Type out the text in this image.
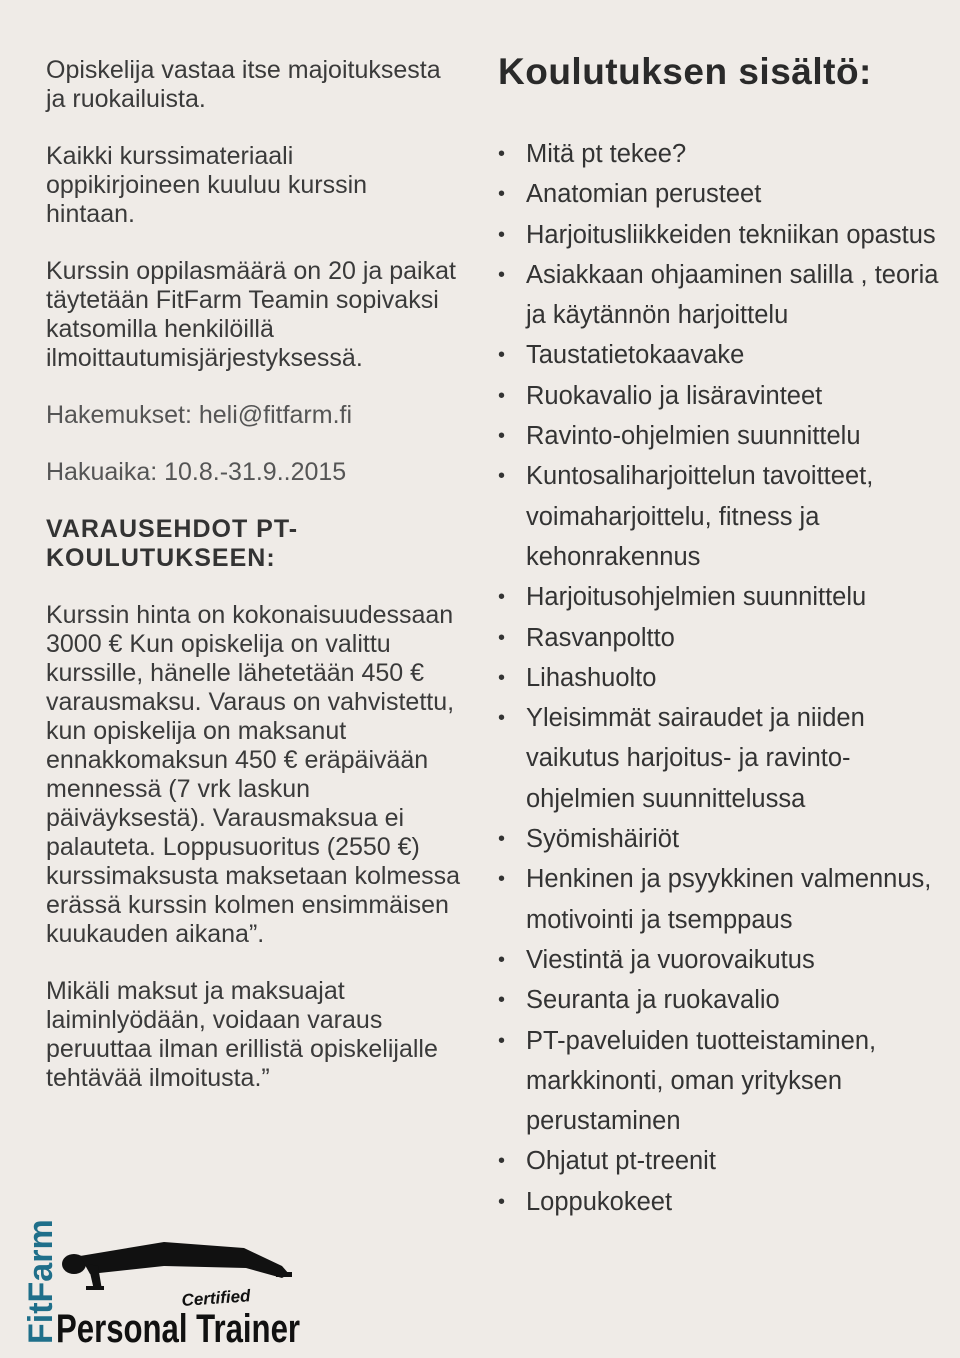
Opiskelija vastaa itse majoituksesta ja ruokailuista.

Kaikki kurssimateriaali oppikirjoineen kuuluu kurssin hintaan.

Kurssin oppilasmäärä on 20 ja paikat täytetään FitFarm Teamin sopivaksi katsomilla henkilöillä ilmoittautumisjärjestyksessä.

Hakemukset: heli@fitfarm.fi

Hakuaika: 10.8.-31.9..2015

VARAUSEHDOT PT-KOULUTUKSEEN:

Kurssin hinta on kokonaisuudessaan 3000 € Kun opiskelija on valittu kurssille, hänelle lähetetään 450 € varausmaksu. Varaus on vahvistettu, kun opiskelija on maksanut ennakkomaksun 450 € eräpäivään mennessä (7 vrk laskun päiväyksestä). Varausmaksua ei palauteta. Loppusuoritus (2550 €) kurssimaksusta maksetaan kolmessa erässä kurssin kolmen ensimmäisen kuukauden aikana”.

Mikäli maksut ja maksuajat laiminlyödään, voidaan varaus peruuttaa ilman erillistä opiskelijalle tehtävää ilmoitusta.”

Koulutuksen sisältö:
• Mitä pt tekee?
• Anatomian perusteet
• Harjoitusliikkeiden tekniikan opastus
• Asiakkaan ohjaaminen salilla , teoria ja käytännön harjoittelu
• Taustatietokaavake
• Ruokavalio ja lisäravinteet
• Ravinto-ohjelmien suunnittelu
• Kuntosaliharjoittelun tavoitteet, voimaharjoittelu, fitness ja kehonrakennus
• Harjoitusohjelmien suunnittelu
• Rasvanpoltto
• Lihashuolto
• Yleisimmät sairaudet ja niiden vaikutus harjoitus- ja ravinto-ohjelmien suunnittelussa
• Syömishäiriöt
• Henkinen ja psyykkinen valmennus, motivointi ja tsemppaus
• Viestintä ja vuorovaikutus
• Seuranta ja ruokavalio
• PT-paveluiden tuotteistaminen, markkinonti, oman yrityksen perustaminen
• Ohjatut pt-treenit
• Loppukokeet
FitFarm	Certified
Personal Trainer
